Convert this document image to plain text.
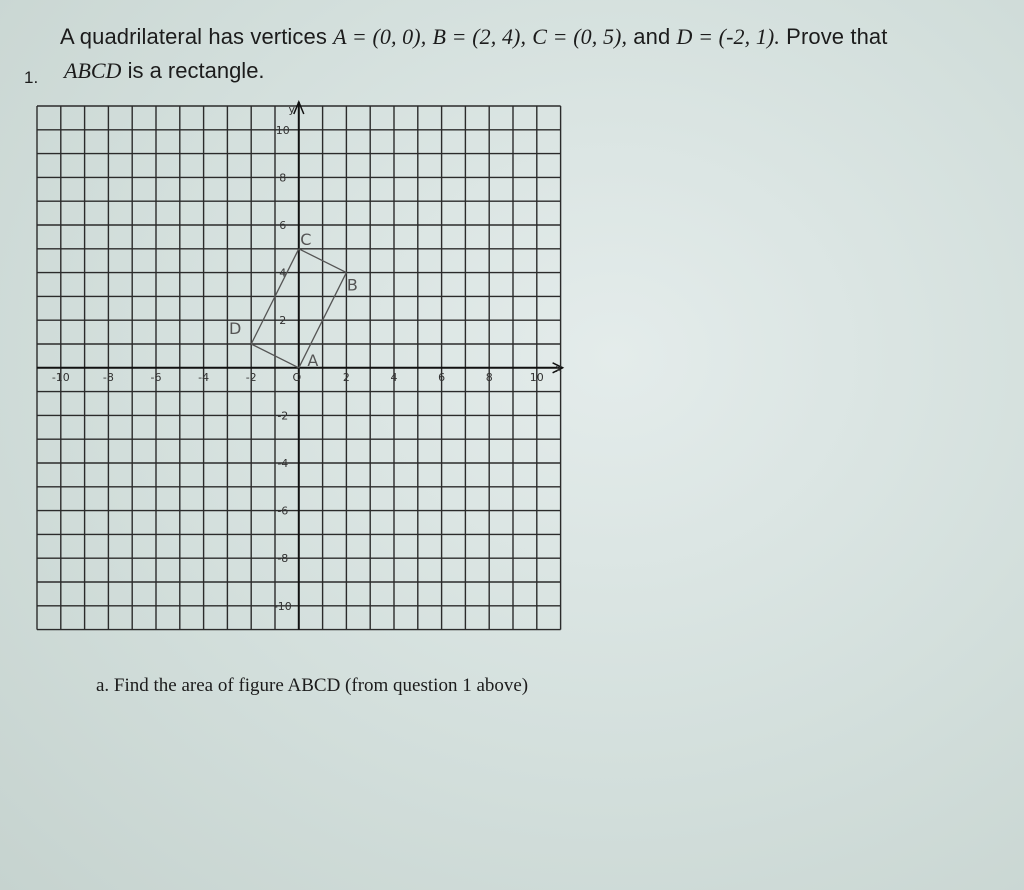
A quadrilateral has vertices A = (0, 0), B = (2, 4), C = (0, 5), and D = (-2, 1). Prove that
1. ABCD is a rectangle.
-10	-8	-6	-4	-2	O	2	4	6	8	10
10
8
6
4
2
-2
-4
-6
-8
-10
x
y
A
B
C
D
a. Find the area of figure ABCD (from question 1 above)
